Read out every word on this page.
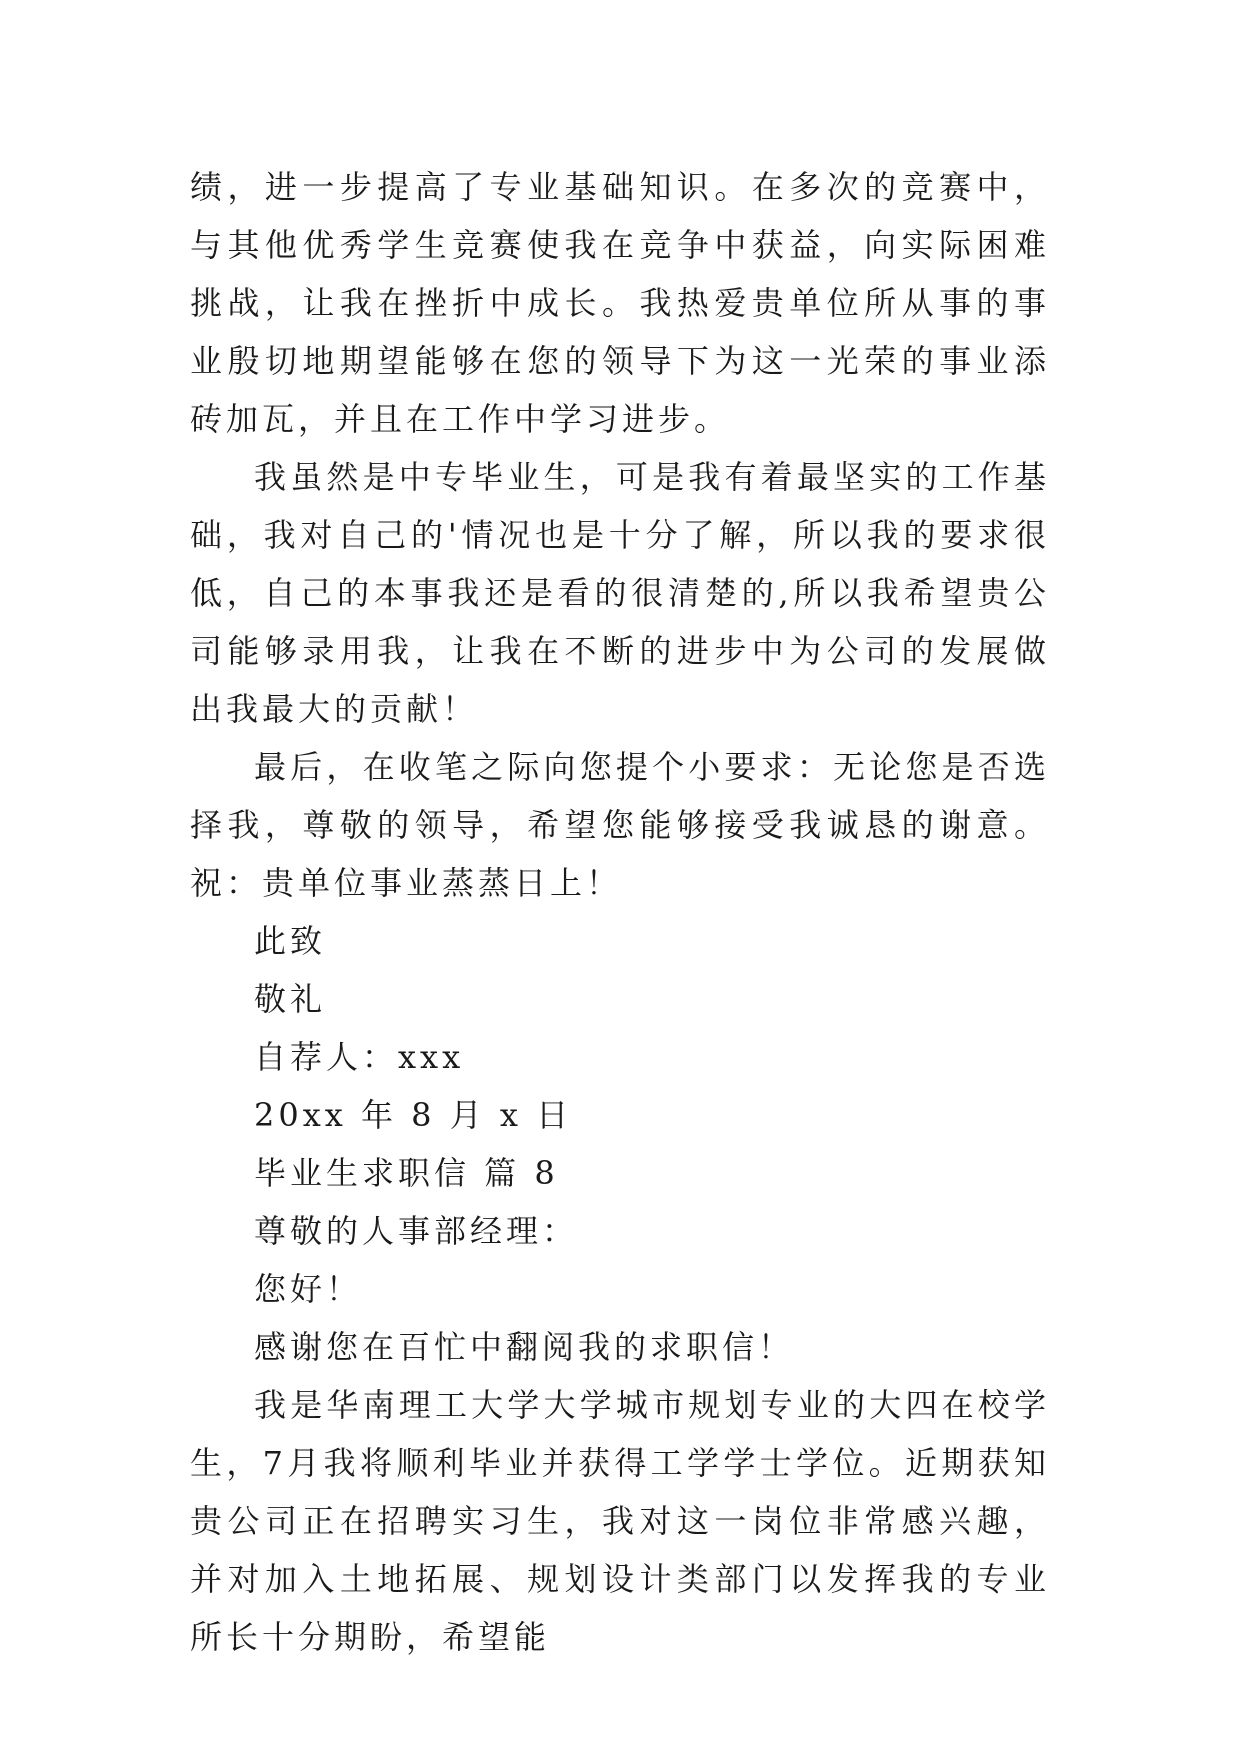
绩，进一步提高了专业基础知识。在多次的竞赛中，与其他优秀学生竞赛使我在竞争中获益，向实际困难挑战，让我在挫折中成长。我热爱贵单位所从事的事业殷切地期望能够在您的领导下为这一光荣的事业添砖加瓦，并且在工作中学习进步。

我虽然是中专毕业生，可是我有着最坚实的工作基础，我对自己的'情况也是十分了解，所以我的要求很低，自己的本事我还是看的很清楚的,所以我希望贵公司能够录用我，让我在不断的进步中为公司的发展做出我最大的贡献！

最后，在收笔之际向您提个小要求：无论您是否选择我，尊敬的领导，希望您能够接受我诚恳的谢意。祝：贵单位事业蒸蒸日上！

此致

敬礼

自荐人：xxx

20xx 年 8 月 x 日

毕业生求职信 篇 8

尊敬的人事部经理：

您好！

感谢您在百忙中翻阅我的求职信！

我是华南理工大学大学城市规划专业的大四在校学生，7月我将顺利毕业并获得工学学士学位。近期获知贵公司正在招聘实习生，我对这一岗位非常感兴趣，并对加入土地拓展、规划设计类部门以发挥我的专业所长十分期盼，希望能
